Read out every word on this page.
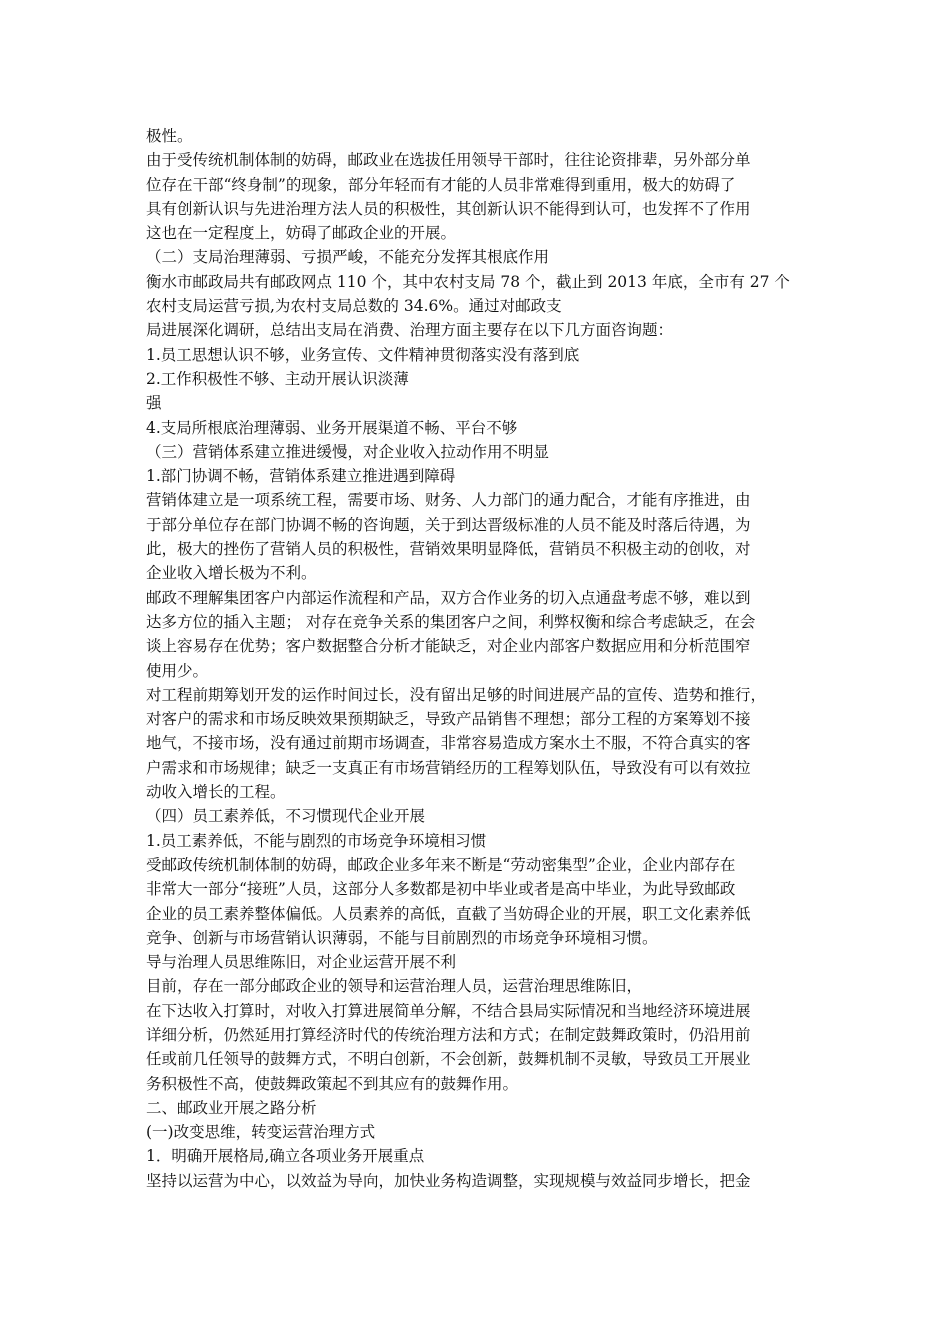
极性。

由于受传统机制体制的妨碍，邮政业在选拔任用领导干部时，往往论资排辈，另外部分单

位存在干部“终身制”的现象，部分年轻而有才能的人员非常难得到重用，极大的妨碍了

具有创新认识与先进治理方法人员的积极性，其创新认识不能得到认可，也发挥不了作用

这也在一定程度上，妨碍了邮政企业的开展。

（二）支局治理薄弱、亏损严峻，不能充分发挥其根底作用

衡水市邮政局共有邮政网点 110 个，其中农村支局 78 个，截止到 2013 年底，全市有 27 个

农村支局运营亏损,为农村支局总数的 34.6%。通过对邮政支

局进展深化调研，总结出支局在消费、治理方面主要存在以下几方面咨询题：

1.员工思想认识不够，业务宣传、文件精神贯彻落实没有落到底

2.工作积极性不够、主动开展认识淡薄

强

4.支局所根底治理薄弱、业务开展渠道不畅、平台不够

（三）营销体系建立推进缓慢，对企业收入拉动作用不明显

1.部门协调不畅，营销体系建立推进遇到障碍

营销体建立是一项系统工程，需要市场、财务、人力部门的通力配合，才能有序推进，由

于部分单位存在部门协调不畅的咨询题，关于到达晋级标准的人员不能及时落后待遇，为

此，极大的挫伤了营销人员的积极性，营销效果明显降低，营销员不积极主动的创收，对

企业收入增长极为不利。

邮政不理解集团客户内部运作流程和产品，双方合作业务的切入点通盘考虑不够，难以到

达多方位的插入主题； 对存在竞争关系的集团客户之间，利弊权衡和综合考虑缺乏，在会

谈上容易存在优势；客户数据整合分析才能缺乏，对企业内部客户数据应用和分析范围窄

使用少。

对工程前期筹划开发的运作时间过长，没有留出足够的时间进展产品的宣传、造势和推行，

对客户的需求和市场反映效果预期缺乏，导致产品销售不理想；部分工程的方案筹划不接

地气，不接市场，没有通过前期市场调查，非常容易造成方案水土不服，不符合真实的客

户需求和市场规律；缺乏一支真正有市场营销经历的工程筹划队伍，导致没有可以有效拉

动收入增长的工程。

（四）员工素养低，不习惯现代企业开展

1.员工素养低，不能与剧烈的市场竞争环境相习惯

受邮政传统机制体制的妨碍，邮政企业多年来不断是“劳动密集型”企业，企业内部存在

非常大一部分“接班”人员，这部分人多数都是初中毕业或者是高中毕业，为此导致邮政

企业的员工素养整体偏低。人员素养的高低，直截了当妨碍企业的开展，职工文化素养低

竞争、创新与市场营销认识薄弱，不能与目前剧烈的市场竞争环境相习惯。

导与治理人员思维陈旧，对企业运营开展不利

目前，存在一部分邮政企业的领导和运营治理人员，运营治理思维陈旧，

在下达收入打算时，对收入打算进展简单分解，不结合县局实际情况和当地经济环境进展

详细分析，仍然延用打算经济时代的传统治理方法和方式；在制定鼓舞政策时，仍沿用前

任或前几任领导的鼓舞方式，不明白创新，不会创新，鼓舞机制不灵敏，导致员工开展业

务积极性不高，使鼓舞政策起不到其应有的鼓舞作用。

二、邮政业开展之路分析

(一)改变思维，转变运营治理方式

1．明确开展格局,确立各项业务开展重点

坚持以运营为中心，以效益为导向，加快业务构造调整，实现规模与效益同步增长，把金
